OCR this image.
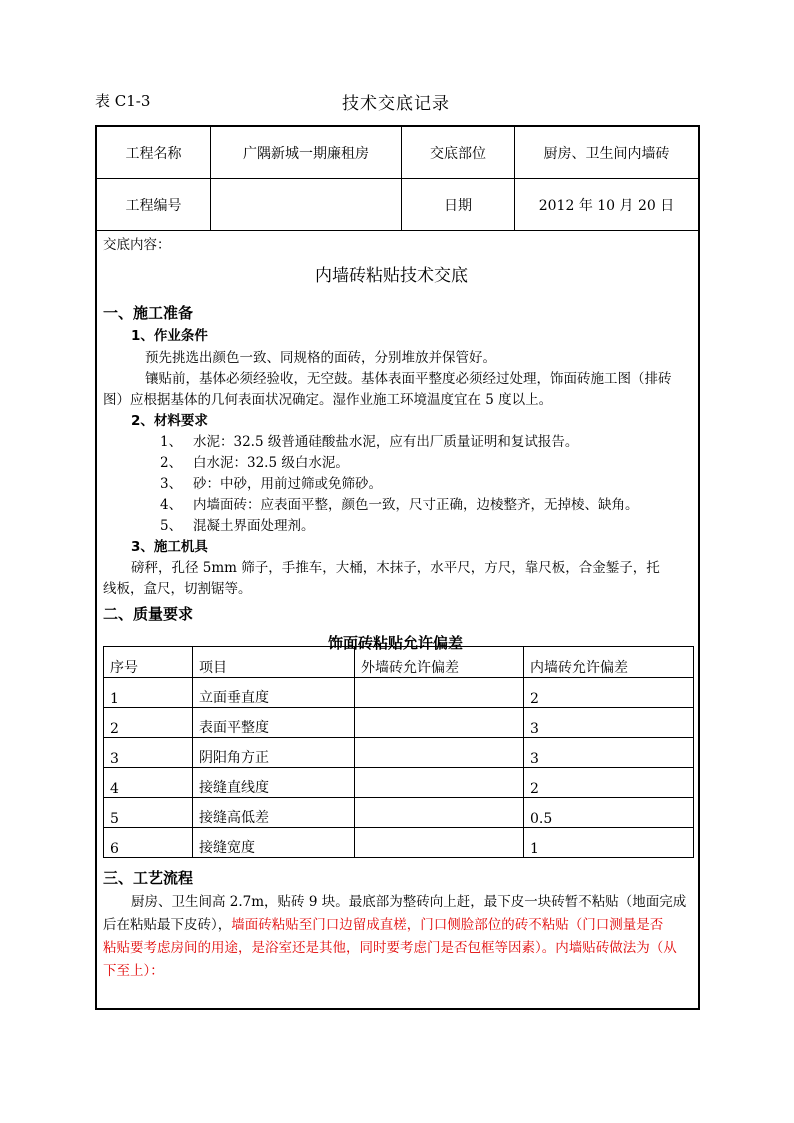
表 C1-3	技术交底记录
工程名称	广隅新城一期廉租房	交底部位	厨房、卫生间内墙砖
工程编号		日期	2012 年 10 月 20 日
交底内容：
内墙砖粘贴技术交底
一、施工准备
1、作业条件
预先挑选出颜色一致、同规格的面砖，分别堆放并保管好。
镶贴前，基体必须经验收，无空鼓。基体表面平整度必须经过处理，饰面砖施工图（排砖
图）应根据基体的几何表面状况确定。湿作业施工环境温度宜在 5 度以上。
2、材料要求
1、 水泥：32.5 级普通硅酸盐水泥，应有出厂质量证明和复试报告。
2、 白水泥：32.5 级白水泥。
3、 砂：中砂，用前过筛或免筛砂。
4、 内墙面砖：应表面平整，颜色一致，尺寸正确，边棱整齐，无掉棱、缺角。
5、 混凝土界面处理剂。
3、施工机具
磅秤，孔径 5mm 筛子，手推车，大桶，木抹子，水平尺，方尺，靠尺板，合金錾子，托
线板，盒尺，切割锯等。
二、质量要求
饰面砖粘贴允许偏差
三、工艺流程
厨房、卫生间高 2.7m，贴砖 9 块。最底部为整砖向上赶，最下皮一块砖暂不粘贴（地面完成
后在粘贴最下皮砖），墙面砖粘贴至门口边留成直槎，门口侧脸部位的砖不粘贴（门口测量是否
粘贴要考虑房间的用途，是浴室还是其他，同时要考虑门是否包框等因素）。内墙贴砖做法为（从
下至上）：
序号	项目	外墙砖允许偏差	内墙砖允许偏差
1	立面垂直度		2
2	表面平整度		3
3	阴阳角方正		3
4	接缝直线度		2
5	接缝高低差		0.5
6	接缝宽度		1
